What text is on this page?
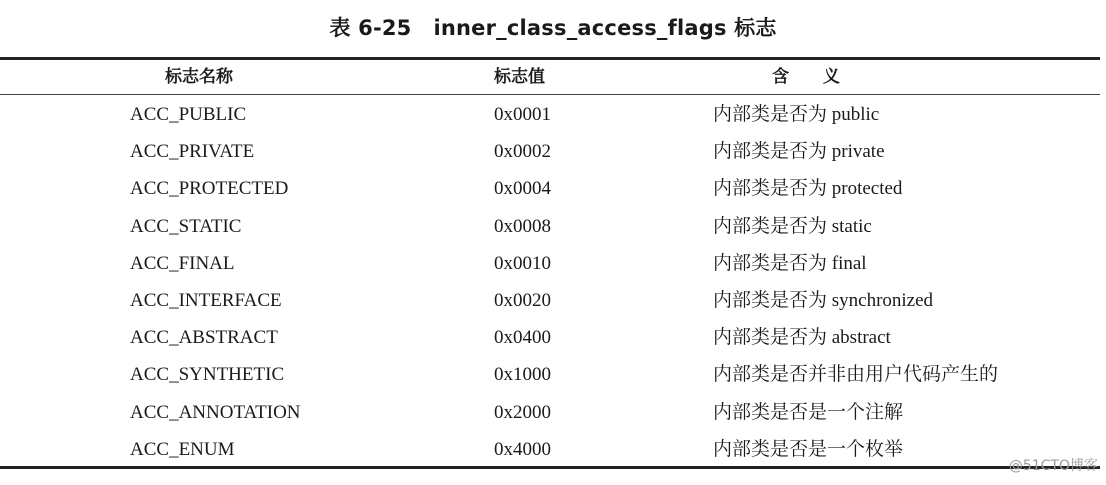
表 6-25 inner_class_access_flags 标志
标志名称	标志值	含 义
ACC_PUBLIC	0x0001	内部类是否为 public
ACC_PRIVATE	0x0002	内部类是否为 private
ACC_PROTECTED	0x0004	内部类是否为 protected
ACC_STATIC	0x0008	内部类是否为 static
ACC_FINAL	0x0010	内部类是否为 final
ACC_INTERFACE	0x0020	内部类是否为 synchronized
ACC_ABSTRACT	0x0400	内部类是否为 abstract
ACC_SYNTHETIC	0x1000	内部类是否并非由用户代码产生的
ACC_ANNOTATION	0x2000	内部类是否是一个注解
ACC_ENUM	0x4000	内部类是否是一个枚举
@51CTO博客
